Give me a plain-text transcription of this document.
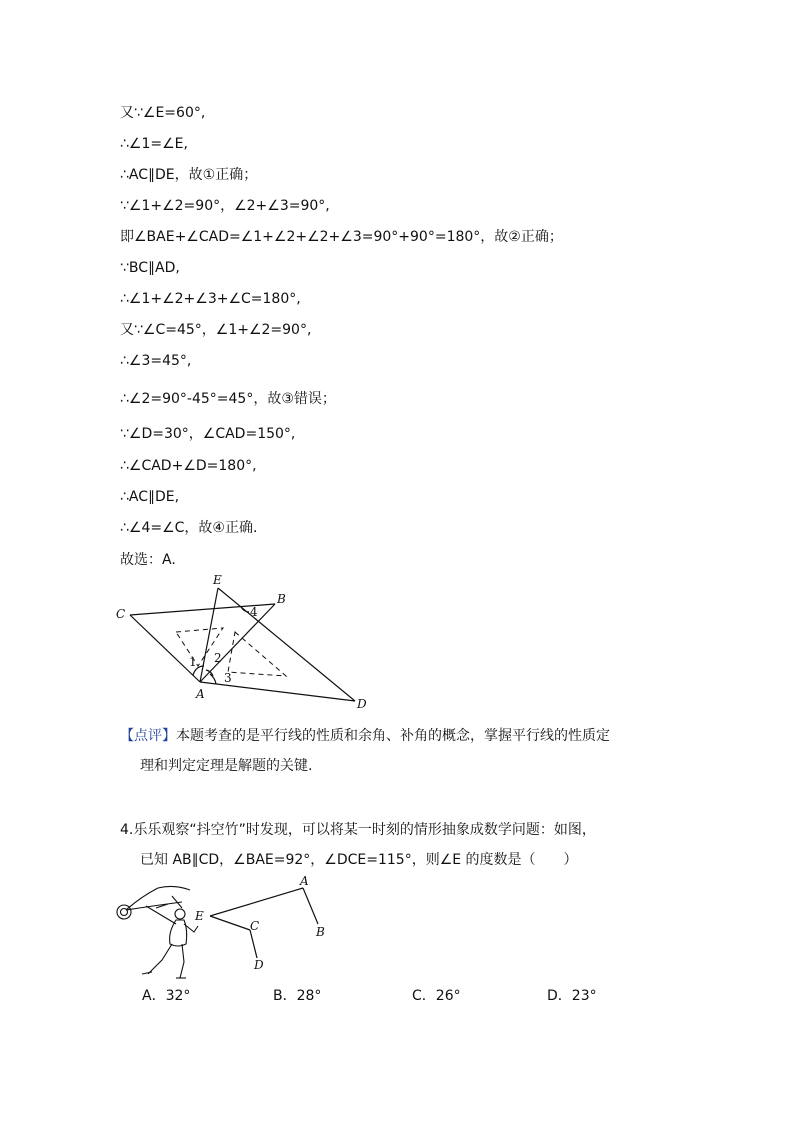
又∵∠E=60°,
∴∠1=∠E,
∴AC∥DE，故①正确；
∵∠1+∠2=90°，∠2+∠3=90°,
即∠BAE+∠CAD=∠1+∠2+∠2+∠3=90°+90°=180°，故②正确；
∵BC∥AD,
∴∠1+∠2+∠3+∠C=180°,
又∵∠C=45°，∠1+∠2=90°,
∴∠3=45°,
∴∠2=90°-45°=45°，故③错误；
∵∠D=30°，∠CAD=150°,
∴∠CAD+∠D=180°,
∴AC∥DE,
∴∠4=∠C，故④正确.
故选：A.
E
B
C
A
D
1 2
3
4
【点评】本题考查的是平行线的性质和余角、补角的概念，掌握平行线的性质定
理和判定定理是解题的关键.
4.乐乐观察“抖空竹”时发现，可以将某一时刻的情形抽象成数学问题：如图，
已知 AB∥CD，∠BAE=92°，∠DCE=115°，则∠E 的度数是（　　）
E
A
B
C
D
A．32°	B．28°	C．26°	D．23°
